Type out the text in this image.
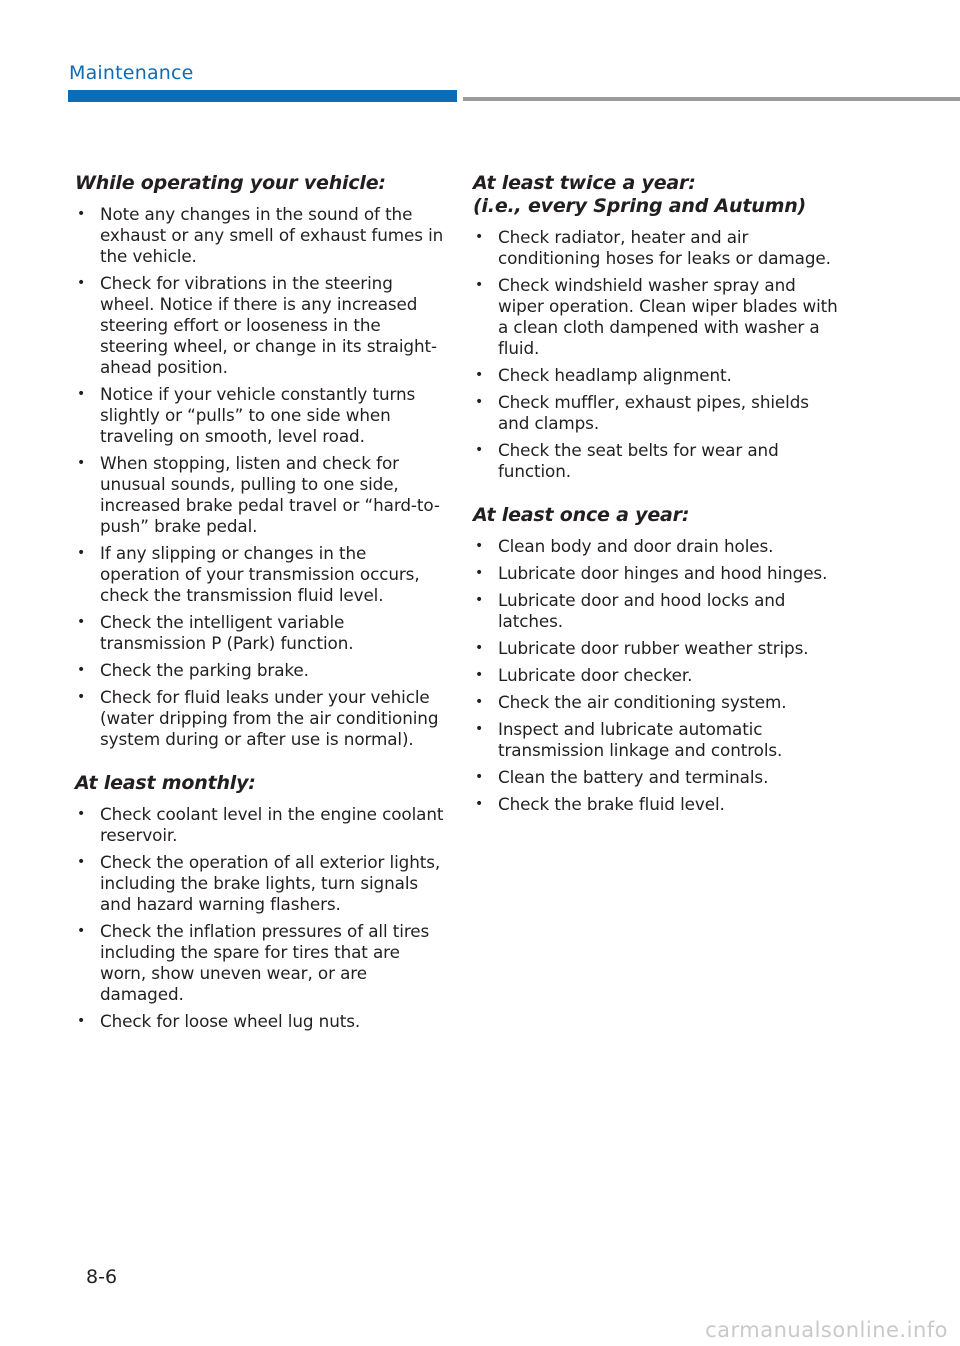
Maintenance
While operating your vehicle:
• Note any changes in the sound of the exhaust or any smell of exhaust fumes in the vehicle.
• Check for vibrations in the steering wheel. Notice if there is any increased steering effort or looseness in the steering wheel, or change in its straight-ahead position.
• Notice if your vehicle constantly turns slightly or “pulls” to one side when traveling on smooth, level road.
• When stopping, listen and check for unusual sounds, pulling to one side, increased brake pedal travel or “hard-to-push” brake pedal.
• If any slipping or changes in the operation of your transmission occurs, check the transmission fluid level.
• Check the intelligent variable transmission P (Park) function.
• Check the parking brake.
• Check for fluid leaks under your vehicle (water dripping from the air conditioning system during or after use is normal).
At least monthly:
• Check coolant level in the engine coolant reservoir.
• Check the operation of all exterior lights, including the brake lights, turn signals and hazard warning flashers.
• Check the inflation pressures of all tires including the spare for tires that are worn, show uneven wear, or are damaged.
• Check for loose wheel lug nuts.
At least twice a year:
(i.e., every Spring and Autumn)
• Check radiator, heater and air conditioning hoses for leaks or damage.
• Check windshield washer spray and wiper operation. Clean wiper blades with a clean cloth dampened with washer a fluid.
• Check headlamp alignment.
• Check muffler, exhaust pipes, shields and clamps.
• Check the seat belts for wear and function.
At least once a year:
• Clean body and door drain holes.
• Lubricate door hinges and hood hinges.
• Lubricate door and hood locks and latches.
• Lubricate door rubber weather strips.
• Lubricate door checker.
• Check the air conditioning system.
• Inspect and lubricate automatic transmission linkage and controls.
• Clean the battery and terminals.
• Check the brake fluid level.
8-6
carmanualsonline.info
